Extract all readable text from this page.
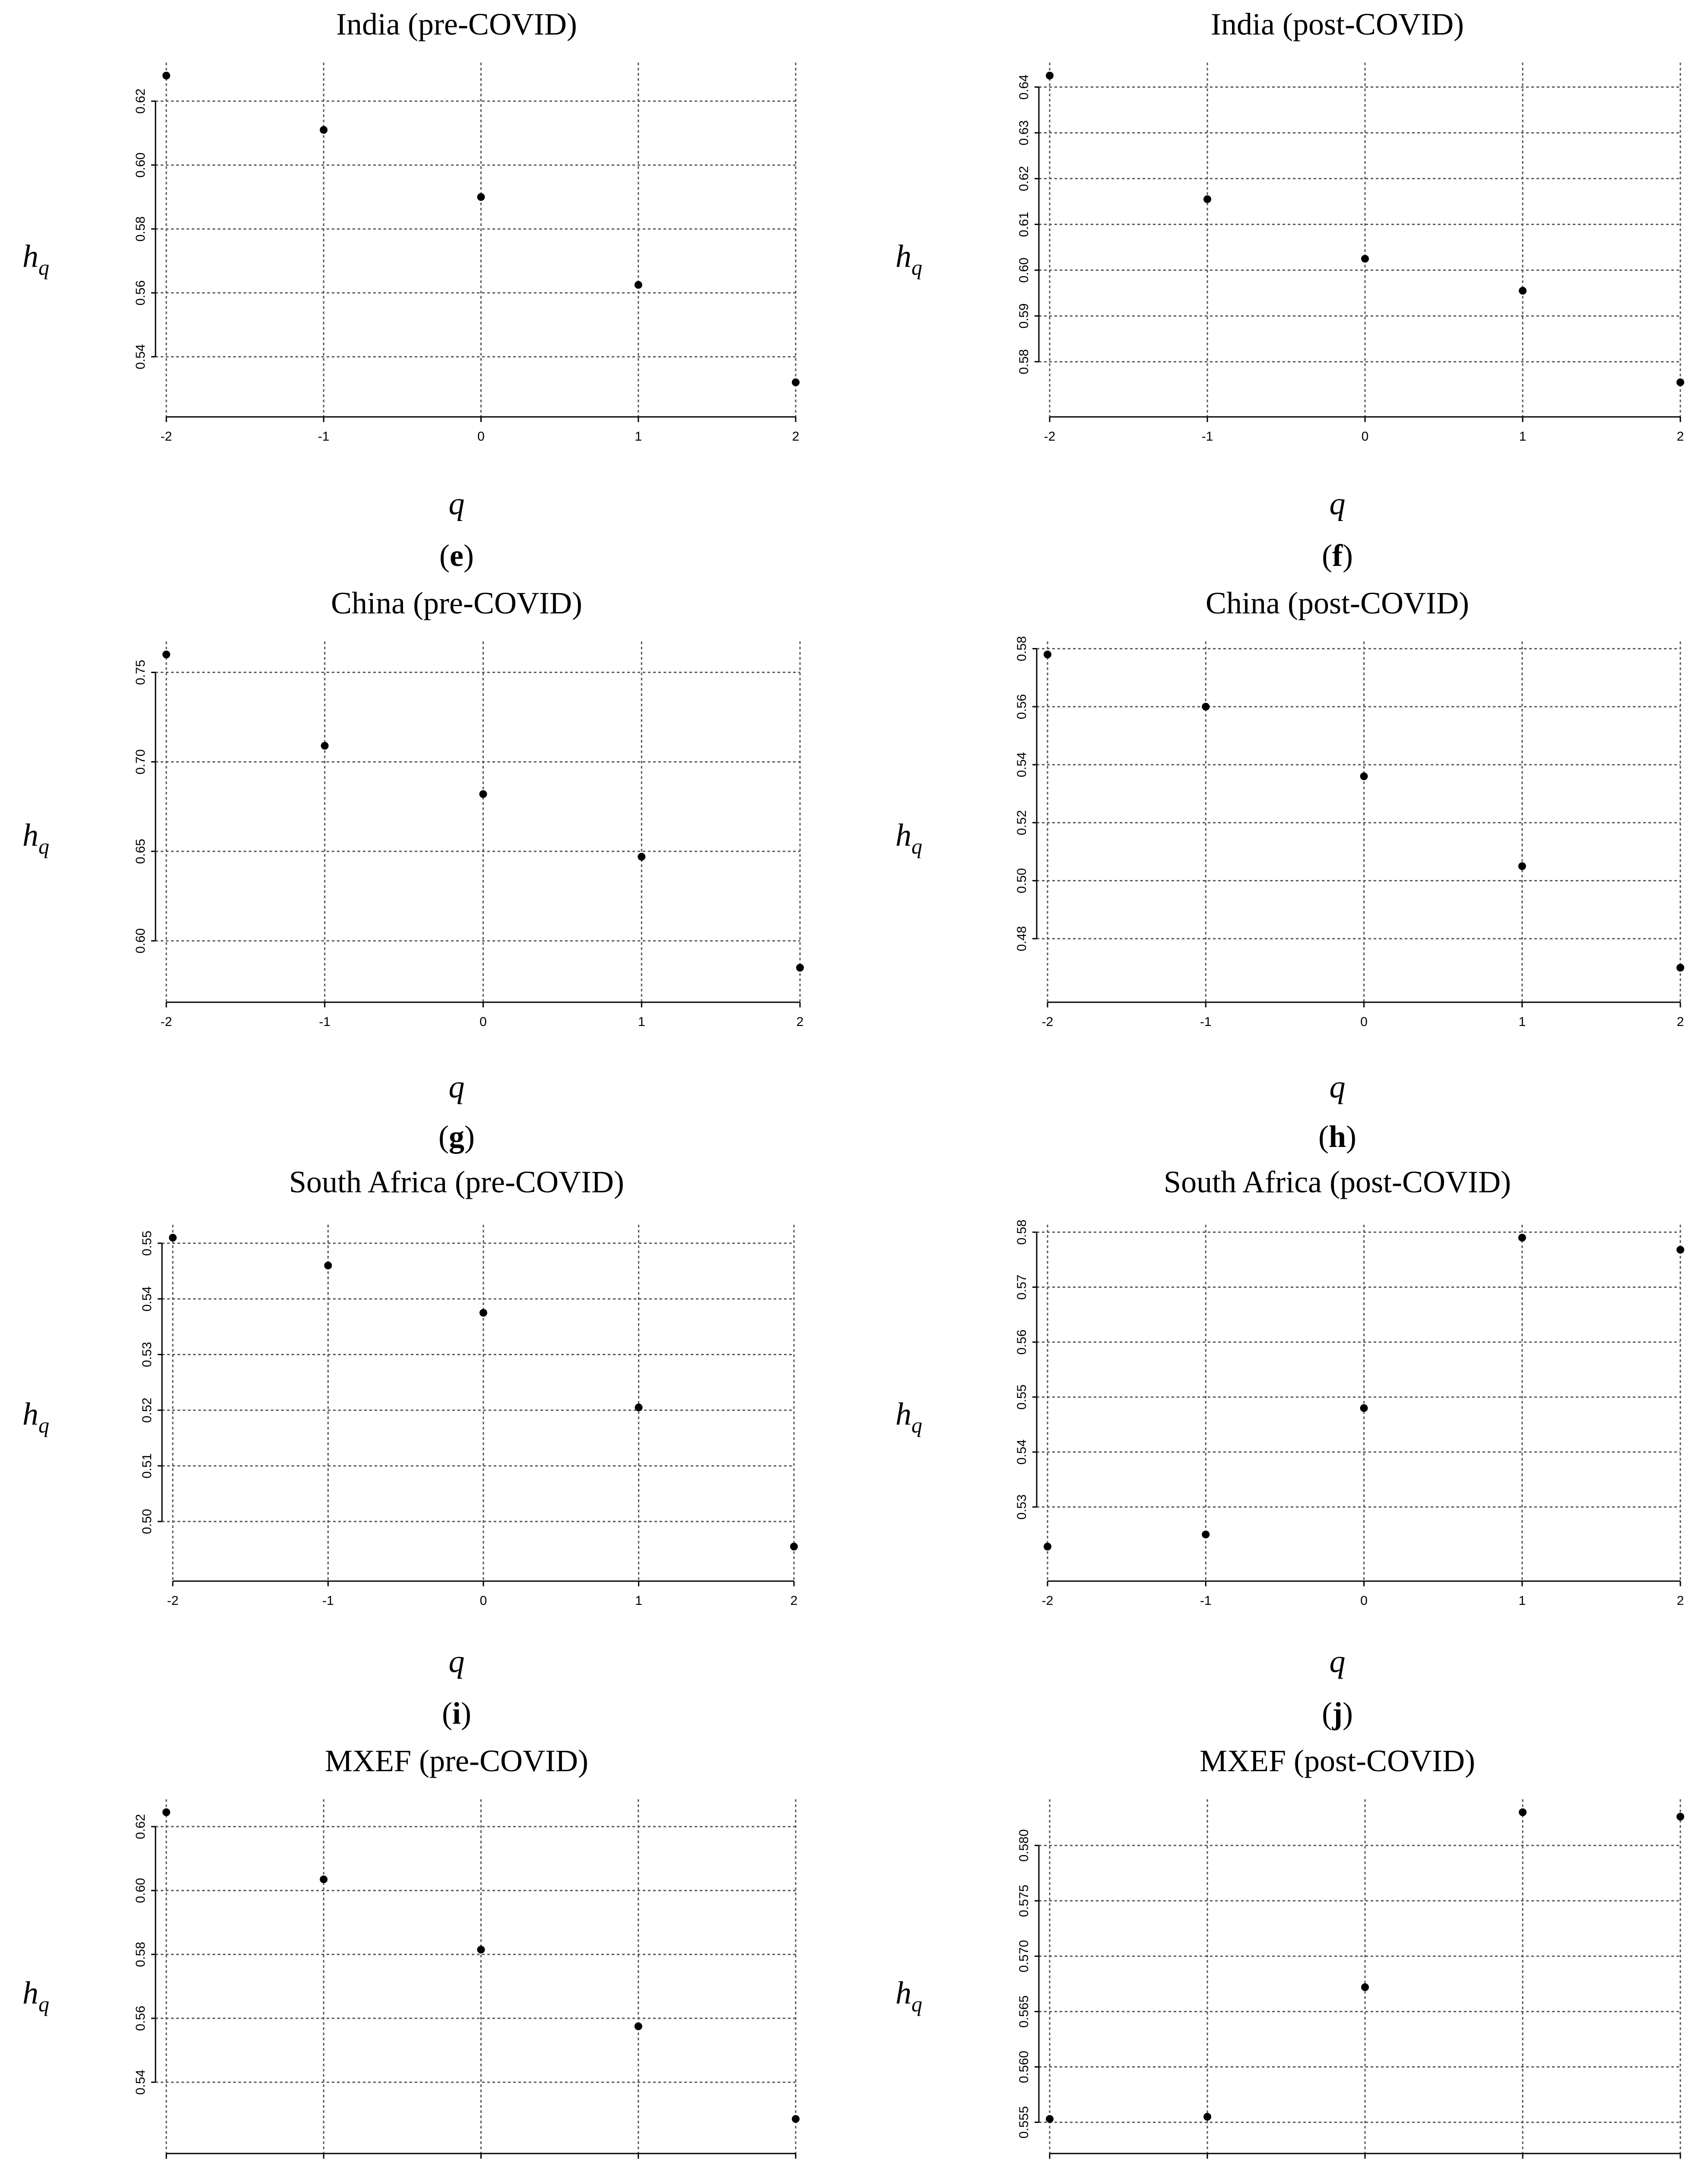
India (pre-COVID)
0.54
0.56
0.58
0.60
0.62
-2	-1	0	1	2
$h_q$
q
(e)
India (post-COVID)
0.58
0.59
0.60
0.61
0.62
0.63
0.64
-2	-1	0	1	2
$h_q$
q
(f)
China (pre-COVID)
0.60
0.65
0.70
0.75
-2	-1	0	1	2
$h_q$
q
(g)
China (post-COVID)
0.48
0.50
0.52
0.54
0.56
0.58
-2	-1	0	1	2
$h_q$
q
(h)
South Africa (pre-COVID)
0.50
0.51
0.52
0.53
0.54
0.55
-2	-1	0	1	2
$h_q$
q
(i)
South Africa (post-COVID)
0.53
0.54
0.55
0.56
0.57
0.58
-2	-1	0	1	2
$h_q$
q
(j)
MXEF (pre-COVID)
0.54
0.56
0.58
0.60
0.62
$h_q$
MXEF (post-COVID)
0.555
0.560
0.565
0.570
0.575
0.580
$h_q$
